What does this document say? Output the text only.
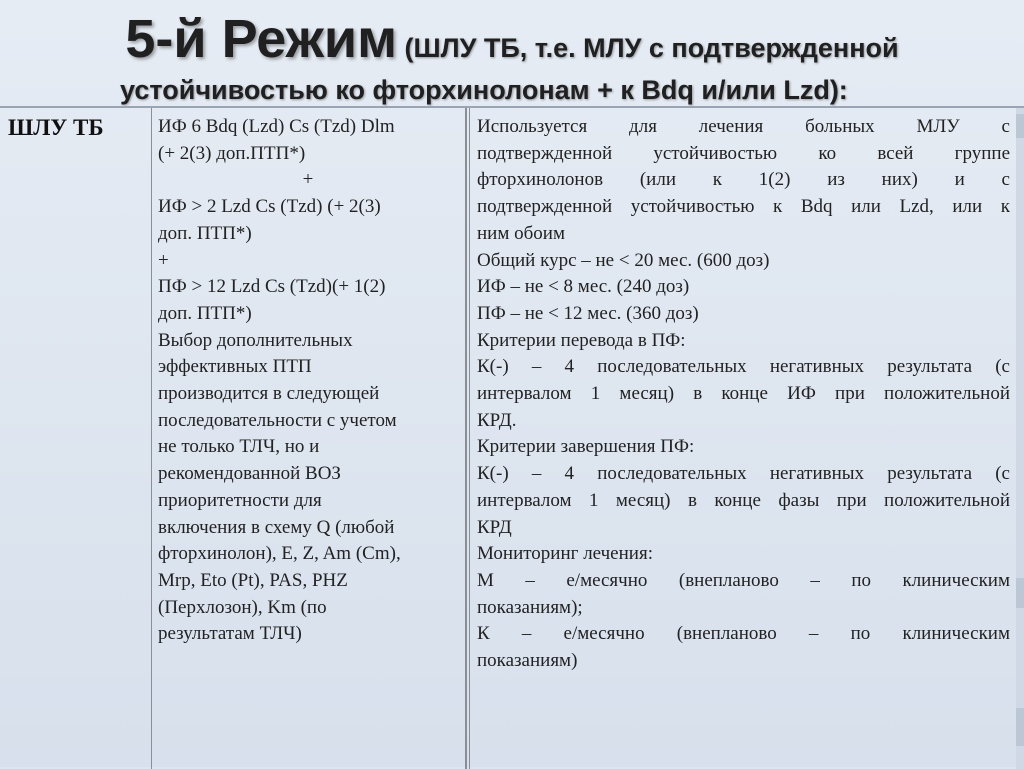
5-й Режим (ШЛУ ТБ, т.е. МЛУ с подтвержденной
устойчивостью ко фторхинолонам + к Bdq и/или Lzd):
ШЛУ ТБ	ИФ 6 Bdq (Lzd) Cs (Tzd) Dlm
(+ 2(3) доп.ПТП*)
+
ИФ > 2 Lzd Cs (Tzd) (+ 2(3)
доп. ПТП*)
+
ПФ > 12 Lzd Cs (Tzd)(+ 1(2)
доп. ПТП*)
Выбор дополнительных
эффективных ПТП
производится в следующей
последовательности с учетом
не только ТЛЧ, но и
рекомендованной ВОЗ
приоритетности для
включения в схему Q (любой
фторхинолон), E, Z, Am (Cm),
Mrp, Eto (Pt), PAS, PHZ
(Перхлозон), Km (по
результатам ТЛЧ)
Используется для лечения больных МЛУ с
подтвержденной устойчивостью ко всей группе
фторхинолонов (или к 1(2) из них) и с
подтвержденной устойчивостью к Bdq или Lzd, или к
ним обоим
Общий курс – не < 20 мес. (600 доз)
ИФ – не < 8 мес. (240 доз)
ПФ – не < 12 мес. (360 доз)
Критерии перевода в ПФ:
К(-) – 4 последовательных негативных результата (с
интервалом 1 месяц) в конце ИФ при положительной
КРД.
Критерии завершения ПФ:
К(-) – 4 последовательных негативных результата (с
интервалом 1 месяц) в конце фазы при положительной
КРД
Мониторинг лечения:
М – е/месячно (внепланово – по клиническим
показаниям);
К – е/месячно (внепланово – по клиническим
показаниям)
